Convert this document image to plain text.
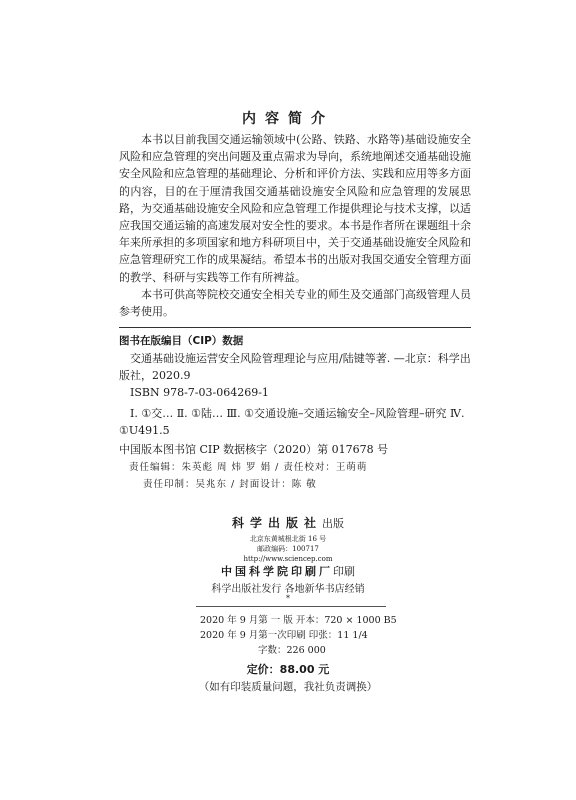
内容简介

本书以目前我国交通运输领域中(公路、铁路、水路等)基础设施安全风险和应急管理的突出问题及重点需求为导向，系统地阐述交通基础设施安全风险和应急管理的基础理论、分析和评价方法、实践和应用等多方面的内容，目的在于厘清我国交通基础设施安全风险和应急管理的发展思路，为交通基础设施安全风险和应急管理工作提供理论与技术支撑，以适应我国交通运输的高速发展对安全性的要求。本书是作者所在课题组十余年来所承担的多项国家和地方科研项目中，关于交通基础设施安全风险和应急管理研究工作的成果凝结。希望本书的出版对我国交通安全管理方面的教学、科研与实践等工作有所裨益。

本书可供高等院校交通安全相关专业的师生及交通部门高级管理人员参考使用。

图书在版编目（CIP）数据
交通基础设施运营安全风险管理理论与应用/陆键等著. —北京：科学出版社，2020.9
ISBN 978-7-03-064269-1
Ⅰ. ①交… Ⅱ. ①陆… Ⅲ. ①交通设施–交通运输安全–风险管理–研究 Ⅳ. ①U491.5
中国版本图书馆 CIP 数据核字（2020）第 017678 号
责任编辑：朱英彪 周 炜 罗 娟 / 责任校对：王萌萌
责任印制：吴兆东 / 封面设计：陈 敬
科学出版社出版
北京东黄城根北街 16 号
邮政编码：100717
http://www.sciencep.com
中国科学院印刷厂印刷
科学出版社发行 各地新华书店经销
*
2020 年 9 月第 一 版 开本：720 × 1000 B5
2020 年 9 月第一次印刷 印张：11 1/4
字数：226 000
定价：88.00 元
（如有印装质量问题，我社负责调换）
